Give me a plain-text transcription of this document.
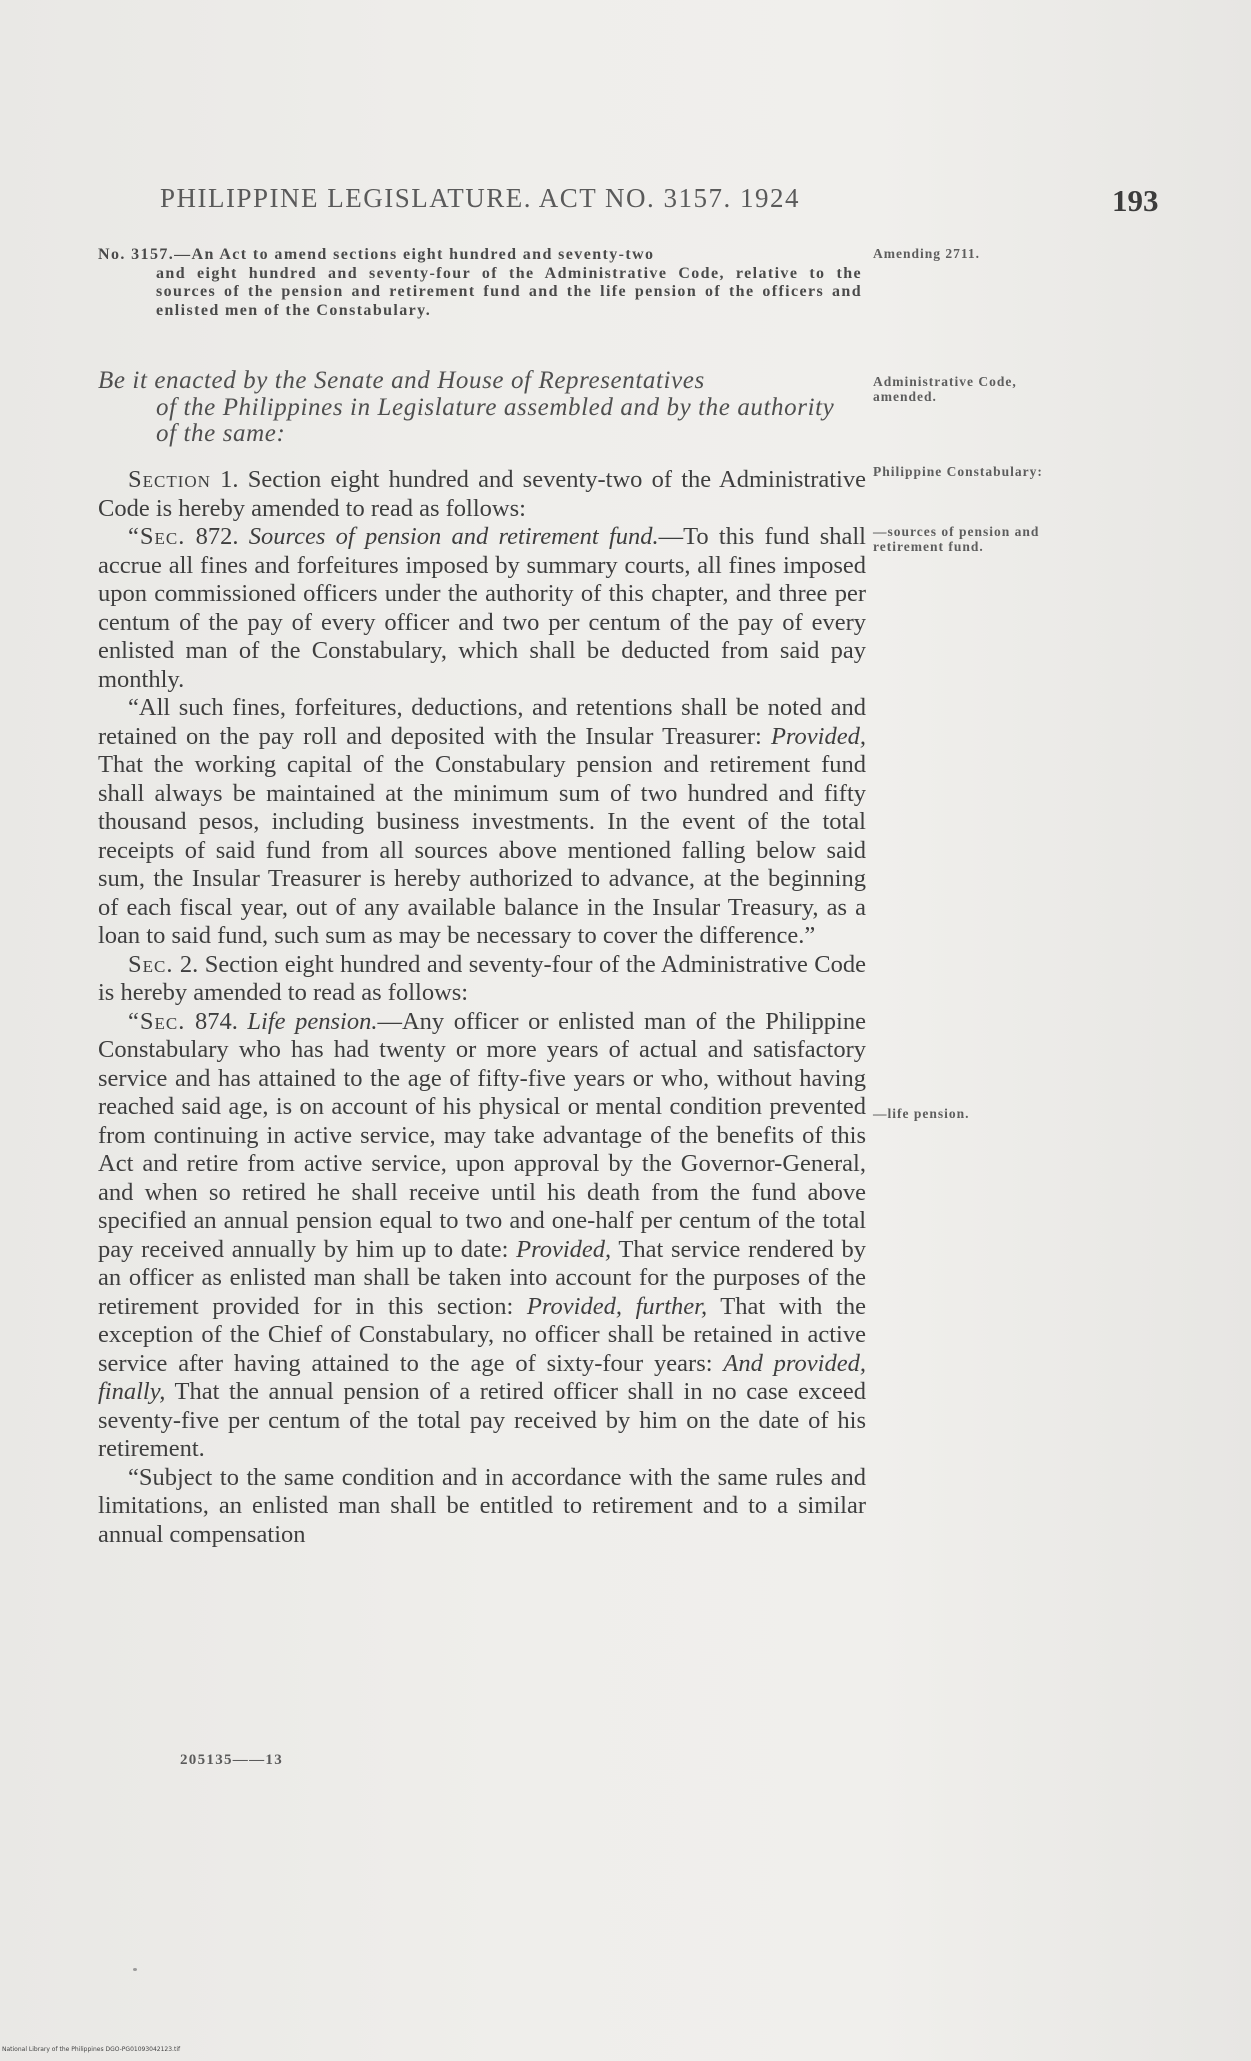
PHILIPPINE LEGISLATURE. ACT NO. 3157. 1924	193
No. 3157.—An Act to amend sections eight hundred and seventy-two
and eight hundred and seventy-four of the Administrative Code, relative to the sources of the pension and retirement fund and the life pension of the officers and enlisted men of the Constabulary.
Amending 2711.
Be it enacted by the Senate and House of Representatives
of the Philippines in Legislature assembled and by the authority of the same:
Administrative Code, amended.

Section 1. Section eight hundred and seventy-two of the Administrative Code is hereby amended to read as follows:

“Sec. 872. Sources of pension and retirement fund.—To this fund shall accrue all fines and forfeitures imposed by summary courts, all fines imposed upon commissioned officers under the authority of this chapter, and three per centum of the pay of every officer and two per centum of the pay of every enlisted man of the Constabulary, which shall be deducted from said pay monthly.

“All such fines, forfeitures, deductions, and retentions shall be noted and retained on the pay roll and deposited with the Insular Treasurer: Provided, That the working capital of the Constabulary pension and retirement fund shall always be maintained at the minimum sum of two hundred and fifty thousand pesos, including business investments. In the event of the total receipts of said fund from all sources above mentioned falling below said sum, the Insular Treasurer is hereby authorized to advance, at the beginning of each fiscal year, out of any available balance in the Insular Treasury, as a loan to said fund, such sum as may be necessary to cover the difference.”

Sec. 2. Section eight hundred and seventy-four of the Administrative Code is hereby amended to read as follows:

“Sec. 874. Life pension.—Any officer or enlisted man of the Philippine Constabulary who has had twenty or more years of actual and satisfactory service and has attained to the age of fifty-five years or who, without having reached said age, is on account of his physical or mental condition prevented from continuing in active service, may take advantage of the benefits of this Act and retire from active service, upon approval by the Governor-General, and when so retired he shall receive until his death from the fund above specified an annual pension equal to two and one-half per centum of the total pay received annually by him up to date: Provided, That service rendered by an officer as enlisted man shall be taken into account for the purposes of the retirement provided for in this section: Provided, further, That with the exception of the Chief of Constabulary, no officer shall be retained in active service after having attained to the age of sixty-four years: And provided, finally, That the annual pension of a retired officer shall in no case exceed seventy-five per centum of the total pay received by him on the date of his retirement.

“Subject to the same condition and in accordance with the same rules and limitations, an enlisted man shall be entitled to retirement and to a similar annual compensation

Philippine Constabulary:
—sources of pension and retirement fund.
—life pension.
205135——13
National Library of the Philippines DGO-PG01093042123.tif
